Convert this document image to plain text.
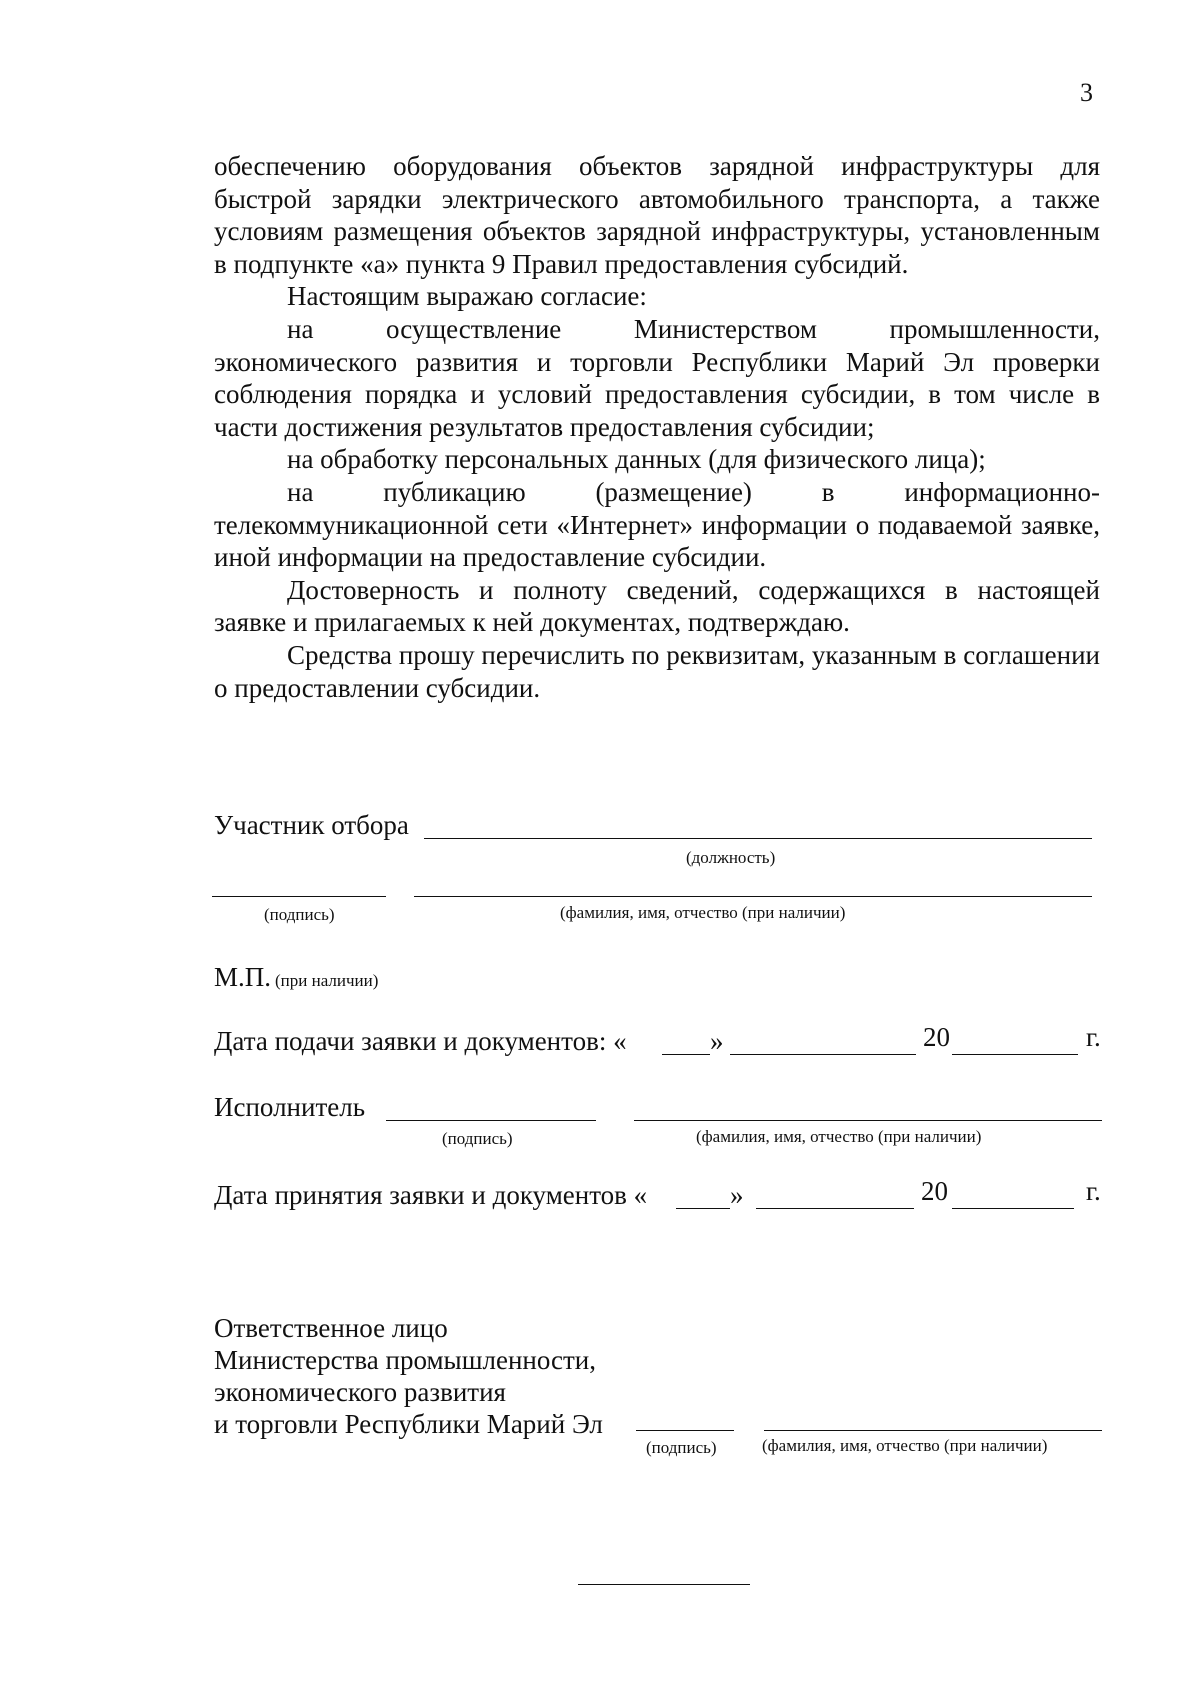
3

обеспечению оборудования объектов зарядной инфраструктуры для быстрой зарядки электрического автомобильного транспорта, а также условиям размещения объектов зарядной инфраструктуры, установленным в подпункте «а» пункта 9 Правил предоставления субсидий.

Настоящим выражаю согласие:

на	осуществление	Министерством	промышленности,

экономического развития и торговли Республики Марий Эл проверки соблюдения порядка и условий предоставления субсидии, в том числе в части достижения результатов предоставления субсидии;

на обработку персональных данных (для физического лица);

на	публикацию	(размещение)	в	информационно-

телекоммуникационной сети «Интернет» информации о подаваемой заявке, иной информации на предоставление субсидии.

Достоверность и полноту сведений, содержащихся в настоящей заявке и прилагаемых к ней документах, подтверждаю.

Средства прошу перечислить по реквизитам, указанным в соглашении о предоставлении субсидии.

Участник отбора
(должность)
(подпись)	(фамилия, имя, отчество (при наличии)
М.П. (при наличии)
Дата подачи заявки и документов: «	»	20	г.
Исполнитель
(подпись)	(фамилия, имя, отчество (при наличии)
Дата принятия заявки и документов «	»	20	г.
Ответственное лицо
Министерства промышленности,
экономического развития
и торговли Республики Марий Эл
(подпись)	(фамилия, имя, отчество (при наличии)
